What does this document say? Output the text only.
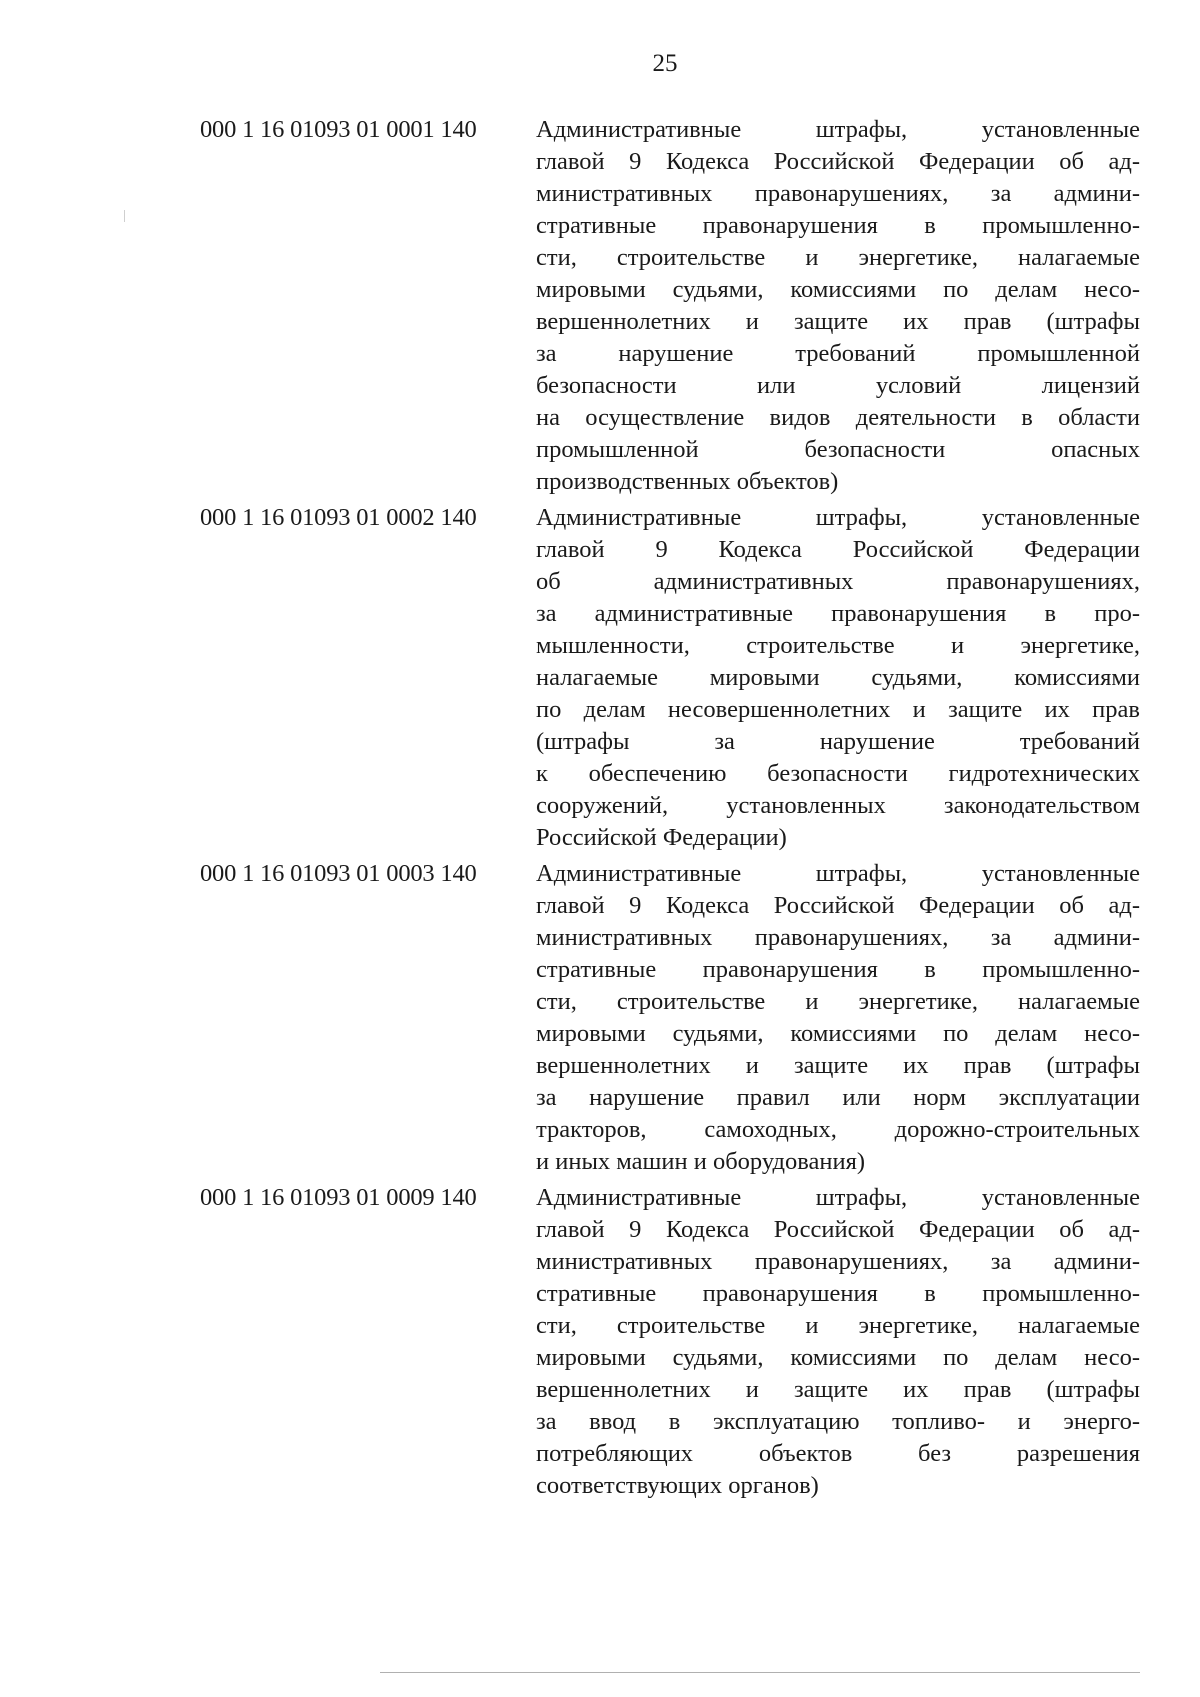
25
000 1 16 01093 01 0001 140	Административные штрафы, установленные
главой 9 Кодекса Российской Федерации об ад-
министративных правонарушениях, за админи-
стративные правонарушения в промышленно-
сти, строительстве и энергетике, налагаемые
мировыми судьями, комиссиями по делам несо-
вершеннолетних и защите их прав (штрафы
за нарушение требований промышленной
безопасности или условий лицензий
на осуществление видов деятельности в области
промышленной безопасности опасных
производственных объектов)
000 1 16 01093 01 0002 140	Административные штрафы, установленные
главой 9 Кодекса Российской Федерации
об административных правонарушениях,
за административные правонарушения в про-
мышленности, строительстве и энергетике,
налагаемые мировыми судьями, комиссиями
по делам несовершеннолетних и защите их прав
(штрафы за нарушение требований
к обеспечению безопасности гидротехнических
сооружений, установленных законодательством
Российской Федерации)
000 1 16 01093 01 0003 140	Административные штрафы, установленные
главой 9 Кодекса Российской Федерации об ад-
министративных правонарушениях, за админи-
стративные правонарушения в промышленно-
сти, строительстве и энергетике, налагаемые
мировыми судьями, комиссиями по делам несо-
вершеннолетних и защите их прав (штрафы
за нарушение правил или норм эксплуатации
тракторов, самоходных, дорожно-строительных
и иных машин и оборудования)
000 1 16 01093 01 0009 140	Административные штрафы, установленные
главой 9 Кодекса Российской Федерации об ад-
министративных правонарушениях, за админи-
стративные правонарушения в промышленно-
сти, строительстве и энергетике, налагаемые
мировыми судьями, комиссиями по делам несо-
вершеннолетних и защите их прав (штрафы
за ввод в эксплуатацию топливо- и энерго-
потребляющих объектов без разрешения
соответствующих органов)
